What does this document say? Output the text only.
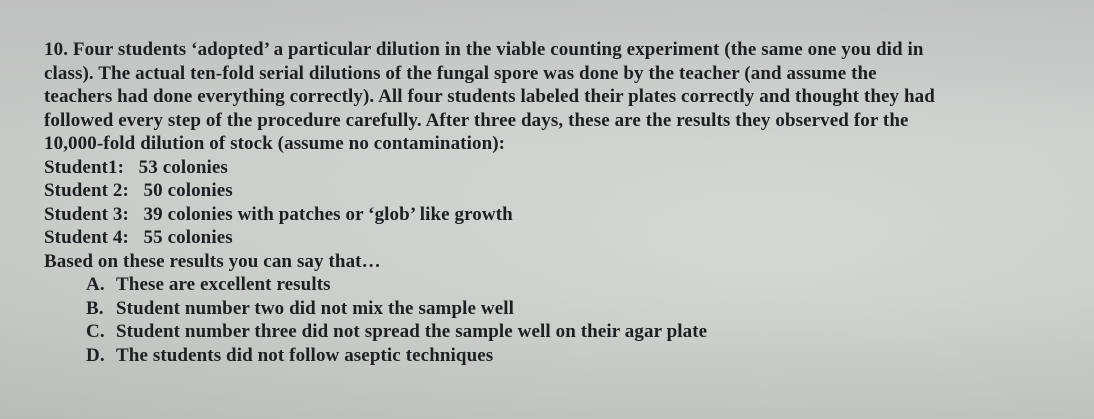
10. Four students ‘adopted’ a particular dilution in the viable counting experiment (the same one you did in
class). The actual ten-fold serial dilutions of the fungal spore was done by the teacher (and assume the
teachers had done everything correctly). All four students labeled their plates correctly and thought they had
followed every step of the procedure carefully. After three days, these are the results they observed for the
10,000-fold dilution of stock (assume no contamination):
Student1: 53 colonies
Student 2: 50 colonies
Student 3: 39 colonies with patches or ‘glob’ like growth
Student 4: 55 colonies
Based on these results you can say that…
A. These are excellent results
B. Student number two did not mix the sample well
C. Student number three did not spread the sample well on their agar plate
D. The students did not follow aseptic techniques
